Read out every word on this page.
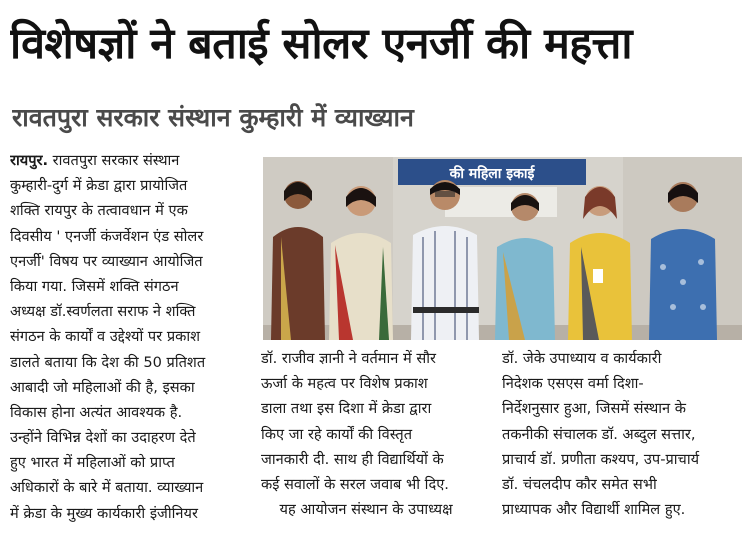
विशेषज्ञों ने बताई सोलर एनर्जी की महत्ता
रावतपुरा सरकार संस्थान कुम्हारी में व्याख्यान

रायपुर. रावतपुरा सरकार संस्थान

कुम्हारी-दुर्ग में क्रेडा द्वारा प्रायोजित

शक्ति रायपुर के तत्वावधान में एक

दिवसीय ' एनर्जी कंजर्वेशन एंड सोलर

एनर्जी' विषय पर व्याख्यान आयोजित

किया गया. जिसमें शक्ति संगठन

अध्यक्ष डॉ.स्वर्णलता सराफ ने शक्ति

संगठन के कार्यों व उद्देश्यों पर प्रकाश

डालते बताया कि देश की 50 प्रतिशत

आबादी जो महिलाओं की है, इसका

विकास होना अत्यंत आवश्यक है.

उन्होंने विभिन्न देशों का उदाहरण देते

हुए भारत में महिलाओं को प्राप्त

अधिकारों के बारे में बताया. व्याख्यान

में क्रेडा के मुख्य कार्यकारी इंजीनियर

की महिला इकाई

डॉ. राजीव ज्ञानी ने वर्तमान में सौर

ऊर्जा के महत्व पर विशेष प्रकाश

डाला तथा इस दिशा में क्रेडा द्वारा

किए जा रहे कार्यों की विस्तृत

जानकारी दी. साथ ही विद्यार्थियों के

कई सवालों के सरल जवाब भी दिए.

यह आयोजन संस्थान के उपाध्यक्ष

डॉ. जेके उपाध्याय व कार्यकारी

निदेशक एसएस वर्मा दिशा-

निर्देशनुसार हुआ, जिसमें संस्थान के

तकनीकी संचालक डॉ. अब्दुल सत्तार,

प्राचार्य डॉ. प्रणीता कश्यप, उप-प्राचार्य

डॉ. चंचलदीप कौर समेत सभी

प्राध्यापक और विद्यार्थी शामिल हुए.
